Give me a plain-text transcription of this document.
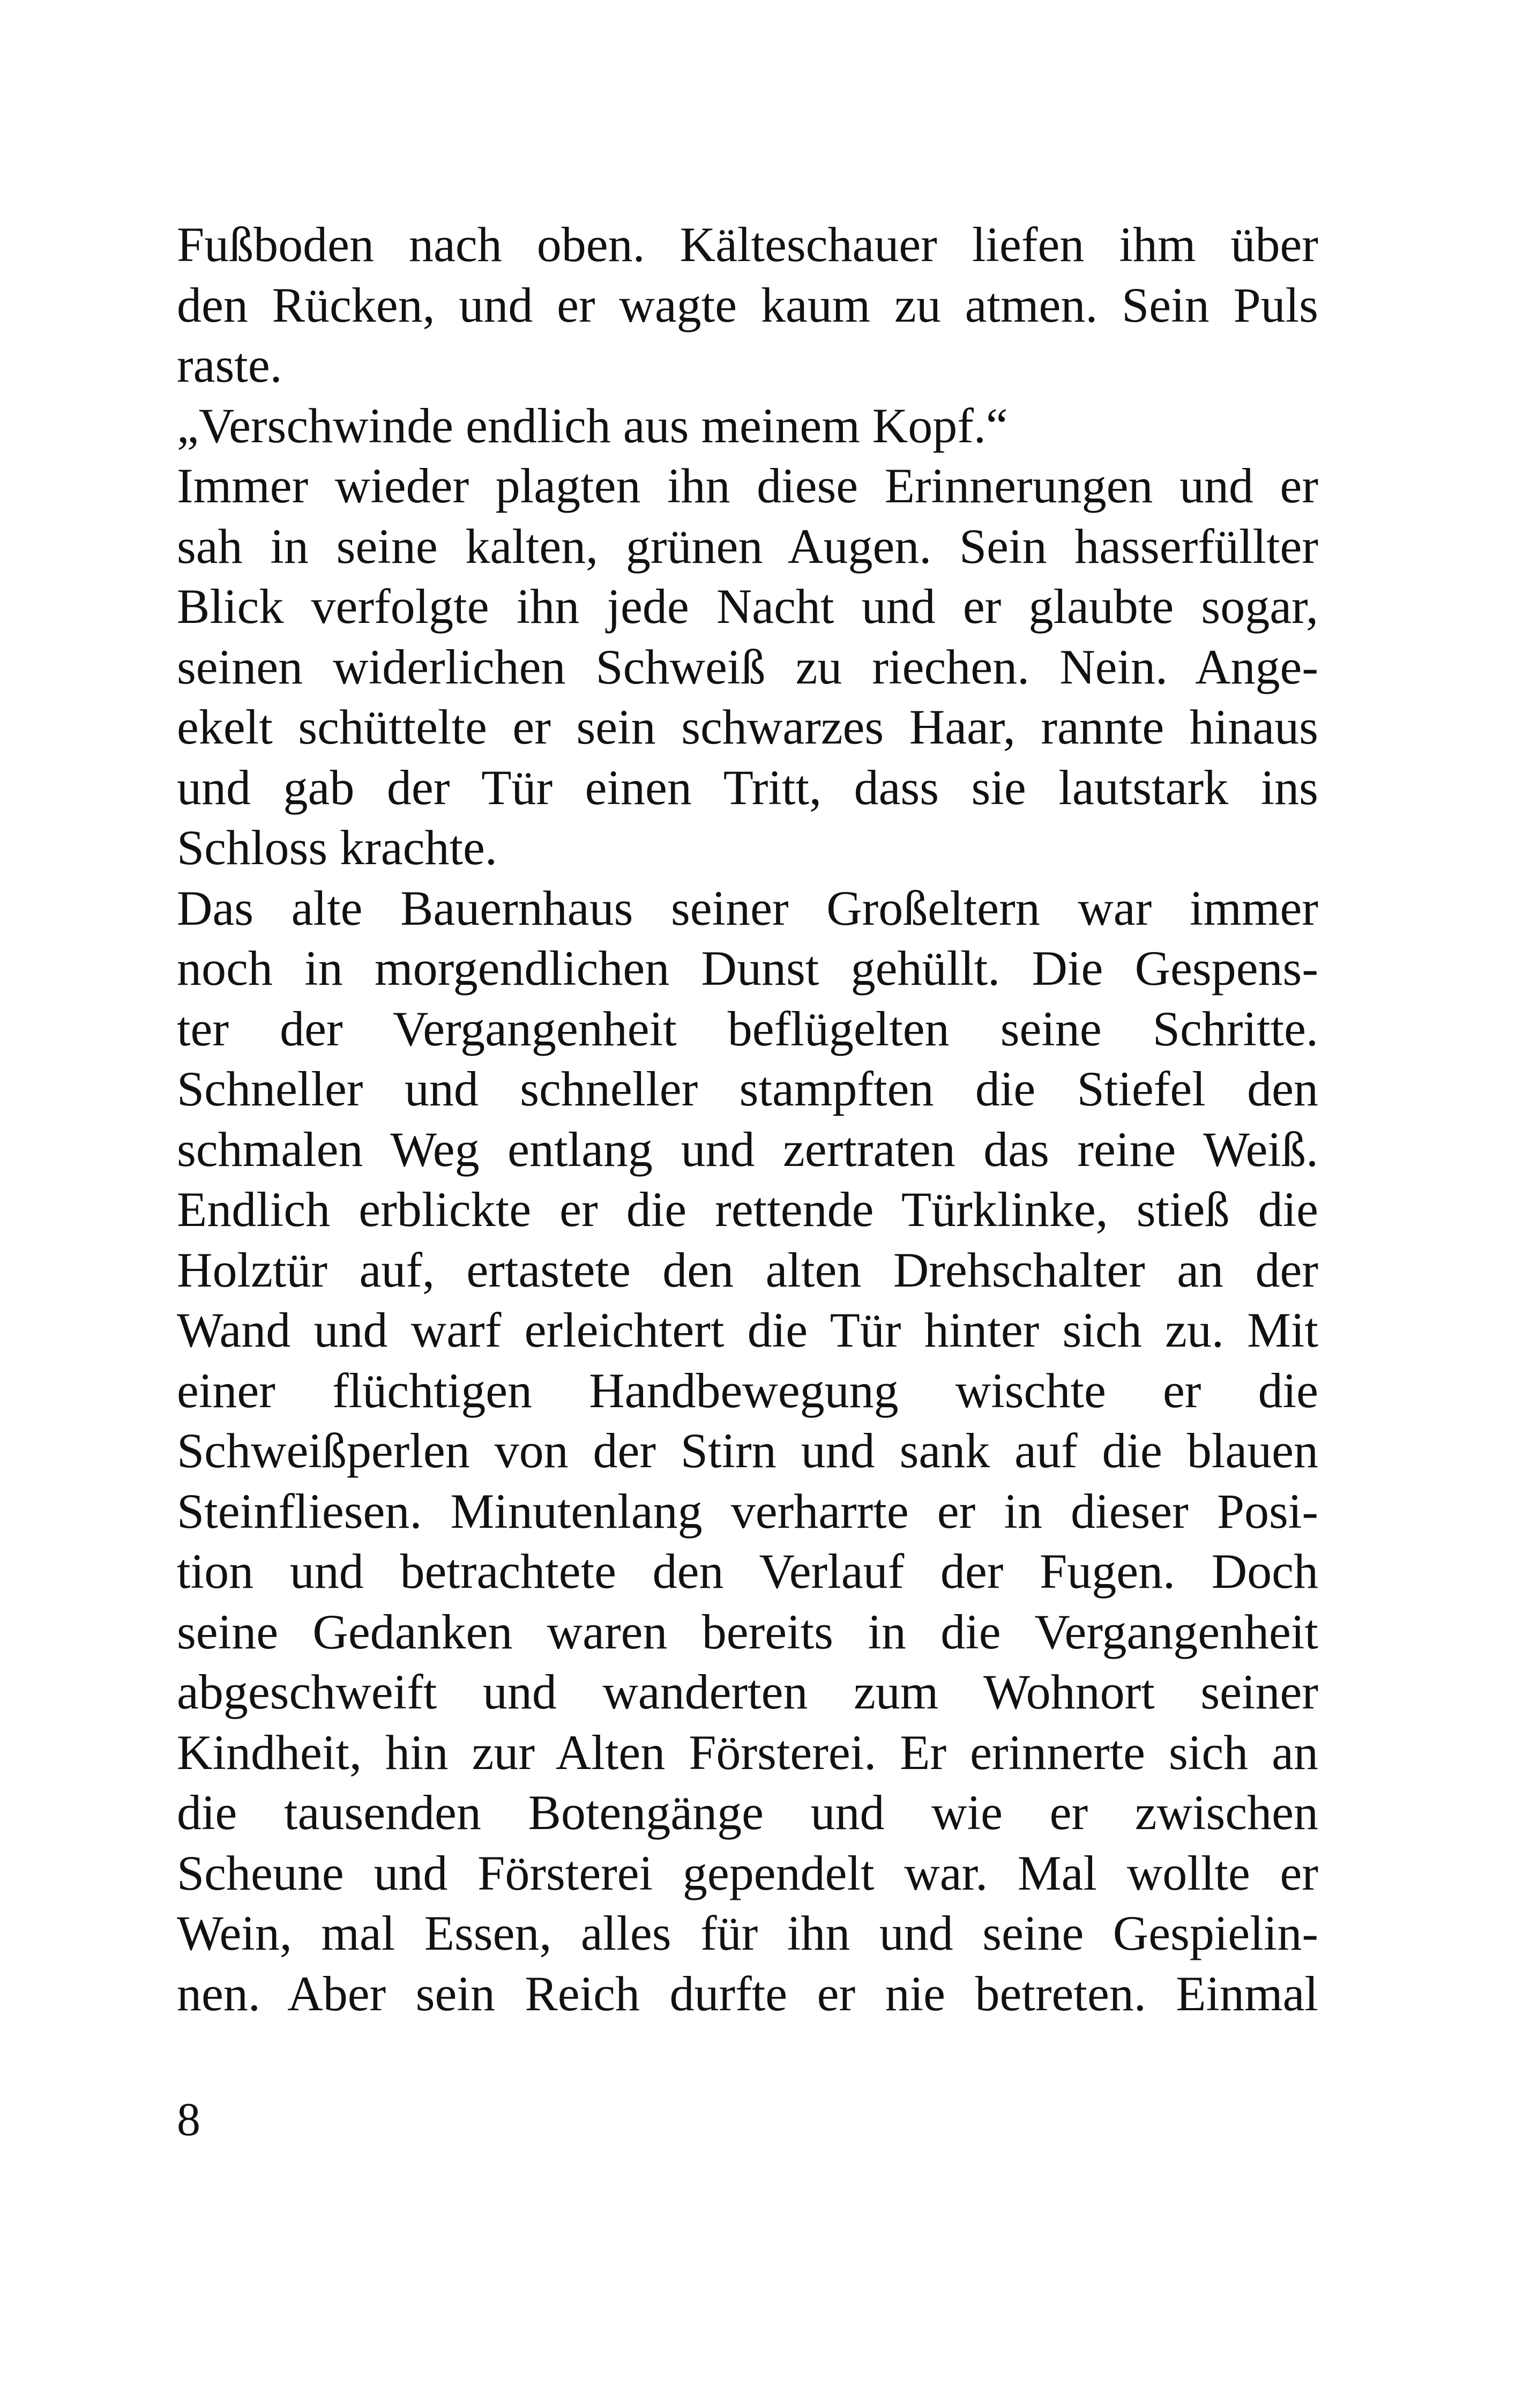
Fußboden nach oben. Kälteschauer liefen ihm über
den Rücken, und er wagte kaum zu atmen. Sein Puls
raste.
„Verschwinde endlich aus meinem Kopf.“
Immer wieder plagten ihn diese Erinnerungen und er
sah in seine kalten, grünen Augen. Sein hasserfüllter
Blick verfolgte ihn jede Nacht und er glaubte sogar,
seinen widerlichen Schweiß zu riechen. Nein. Ange-
ekelt schüttelte er sein schwarzes Haar, rannte hinaus
und gab der Tür einen Tritt, dass sie lautstark ins
Schloss krachte.
Das alte Bauernhaus seiner Großeltern war immer
noch in morgendlichen Dunst gehüllt. Die Gespens-
ter der Vergangenheit beflügelten seine Schritte.
Schneller und schneller stampften die Stiefel den
schmalen Weg entlang und zertraten das reine Weiß.
Endlich erblickte er die rettende Türklinke, stieß die
Holztür auf, ertastete den alten Drehschalter an der
Wand und warf erleichtert die Tür hinter sich zu. Mit
einer flüchtigen Handbewegung wischte er die
Schweißperlen von der Stirn und sank auf die blauen
Steinfliesen. Minutenlang verharrte er in dieser Posi-
tion und betrachtete den Verlauf der Fugen. Doch
seine Gedanken waren bereits in die Vergangenheit
abgeschweift und wanderten zum Wohnort seiner
Kindheit, hin zur Alten Försterei. Er erinnerte sich an
die tausenden Botengänge und wie er zwischen
Scheune und Försterei gependelt war. Mal wollte er
Wein, mal Essen, alles für ihn und seine Gespielin-
nen. Aber sein Reich durfte er nie betreten. Einmal
8
